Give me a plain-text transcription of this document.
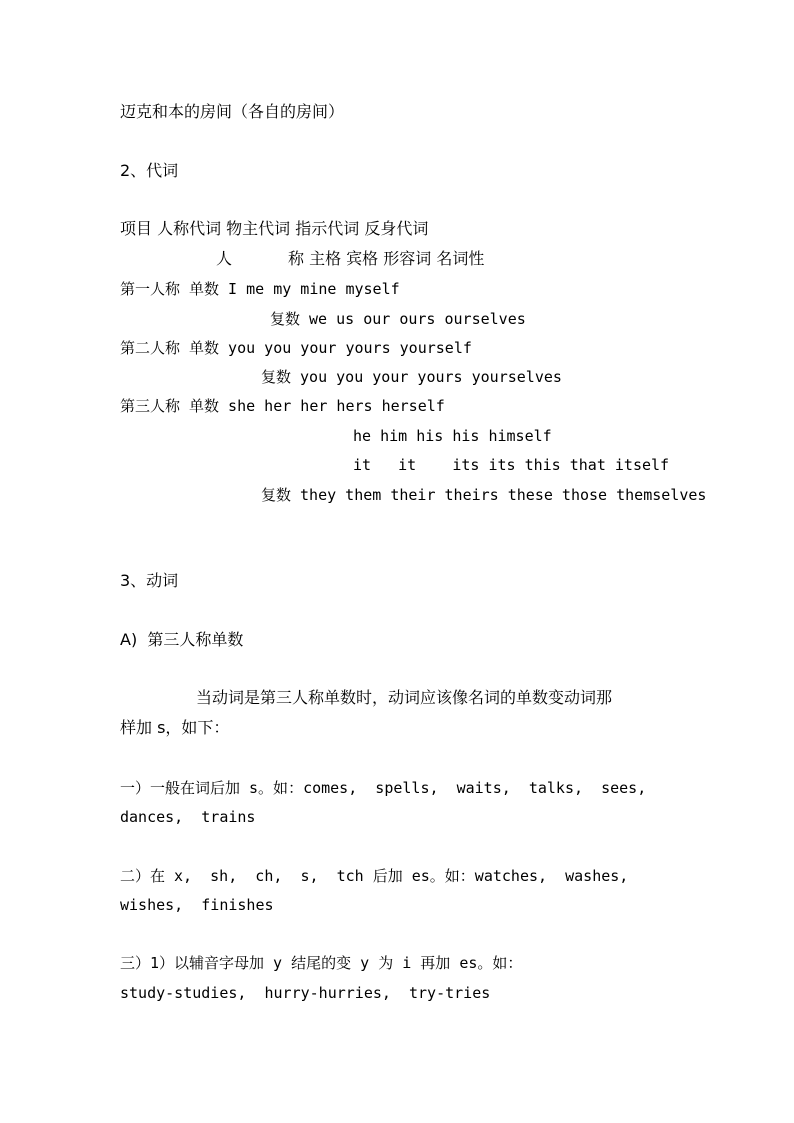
迈克和本的房间（各自的房间）
2、代词
项目 人称代词 物主代词 指示代词 反身代词
人	称 主格 宾格 形容词 名词性
第一人称 单数 I me my mine myself
复数 we us our ours ourselves
第二人称 单数 you you your yours yourself
复数 you you your yours yourselves
第三人称 单数 she her her hers herself
he him his his himself
it   it    its its this that itself
复数 they them their theirs these those themselves
3、动词
A)  第三人称单数
当动词是第三人称单数时，动词应该像名词的单数变动词那
样加 s，如下：
一）一般在词后加 s。如：comes,  spells,  waits,  talks,  sees,
dances,  trains
二）在 x,  sh,  ch,  s,  tch 后加 es。如：watches,  washes,
wishes,  finishes
三）1）以辅音字母加 y 结尾的变 y 为 i 再加 es。如：
study-studies,  hurry-hurries,  try-tries
